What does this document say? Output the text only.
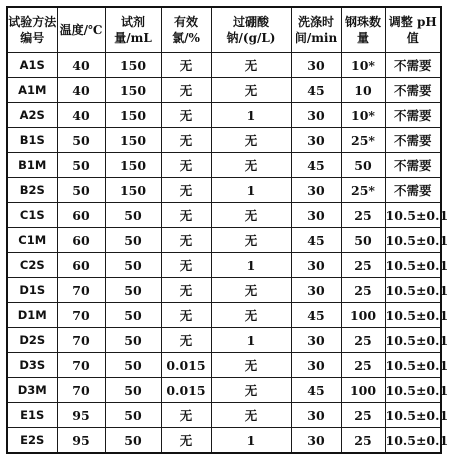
试验方法编号	温度/℃	试剂量/mL	有效氯/%	过硼酸钠/(g/L)	洗涤时间/min	钢珠数量	调整 pH 值
A1S	40	150	无	无	30	10*	不需要
A1M	40	150	无	无	45	10	不需要
A2S	40	150	无	1	30	10*	不需要
B1S	50	150	无	无	30	25*	不需要
B1M	50	150	无	无	45	50	不需要
B2S	50	150	无	1	30	25*	不需要
C1S	60	50	无	无	30	25	10.5±0.1
C1M	60	50	无	无	45	50	10.5±0.1
C2S	60	50	无	1	30	25	10.5±0.1
D1S	70	50	无	无	30	25	10.5±0.1
D1M	70	50	无	无	45	100	10.5±0.1
D2S	70	50	无	1	30	25	10.5±0.1
D3S	70	50	0.015	无	30	25	10.5±0.1
D3M	70	50	0.015	无	45	100	10.5±0.1
E1S	95	50	无	无	30	25	10.5±0.1
E2S	95	50	无	1	30	25	10.5±0.1
